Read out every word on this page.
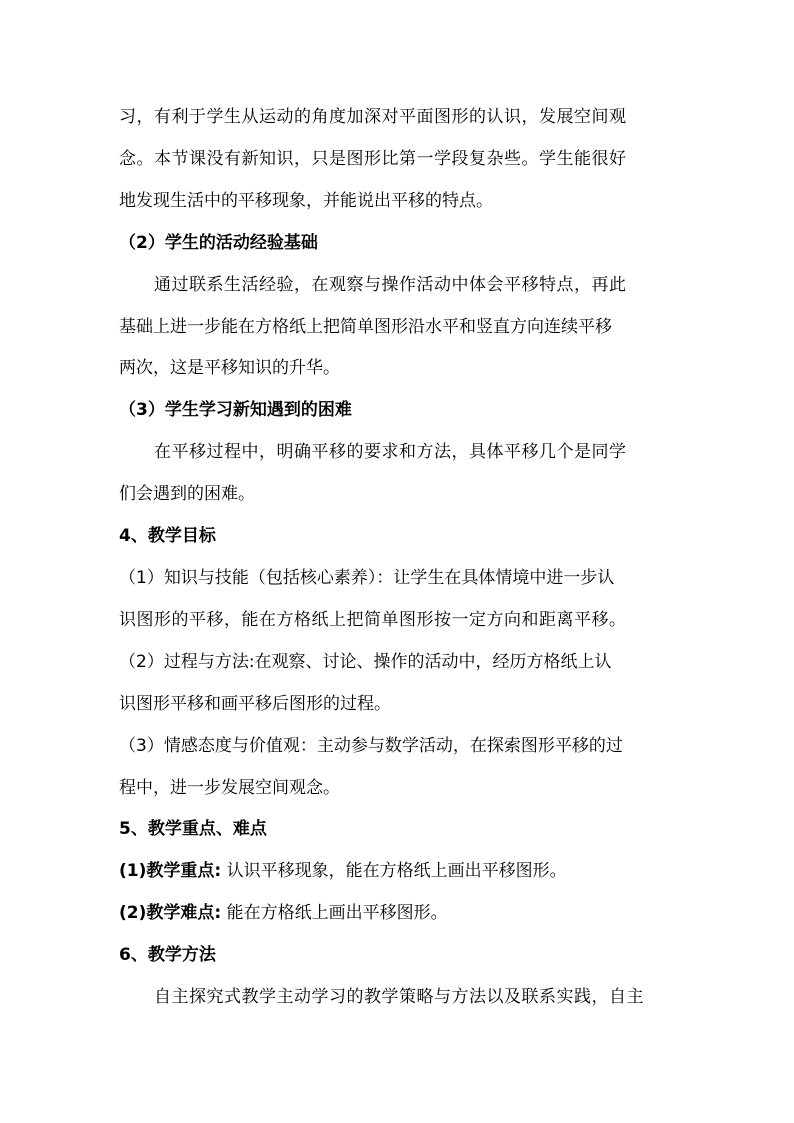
习，有利于学生从运动的角度加深对平面图形的认识，发展空间观
念。本节课没有新知识，只是图形比第一学段复杂些。学生能很好
地发现生活中的平移现象，并能说出平移的特点。
（2）学生的活动经验基础
通过联系生活经验，在观察与操作活动中体会平移特点，再此
基础上进一步能在方格纸上把简单图形沿水平和竖直方向连续平移
两次，这是平移知识的升华。
（3）学生学习新知遇到的困难
在平移过程中，明确平移的要求和方法，具体平移几个是同学
们会遇到的困难。
4、教学目标
（1）知识与技能（包括核心素养）：让学生在具体情境中进一步认
识图形的平移，能在方格纸上把简单图形按一定方向和距离平移。
（2）过程与方法:在观察、讨论、操作的活动中，经历方格纸上认
识图形平移和画平移后图形的过程。
（3）情感态度与价值观：主动参与数学活动，在探索图形平移的过
程中，进一步发展空间观念。
5、教学重点、难点
(1)教学重点: 认识平移现象，能在方格纸上画出平移图形。
(2)教学难点: 能在方格纸上画出平移图形。
6、教学方法
自主探究式教学主动学习的教学策略与方法以及联系实践，自主
